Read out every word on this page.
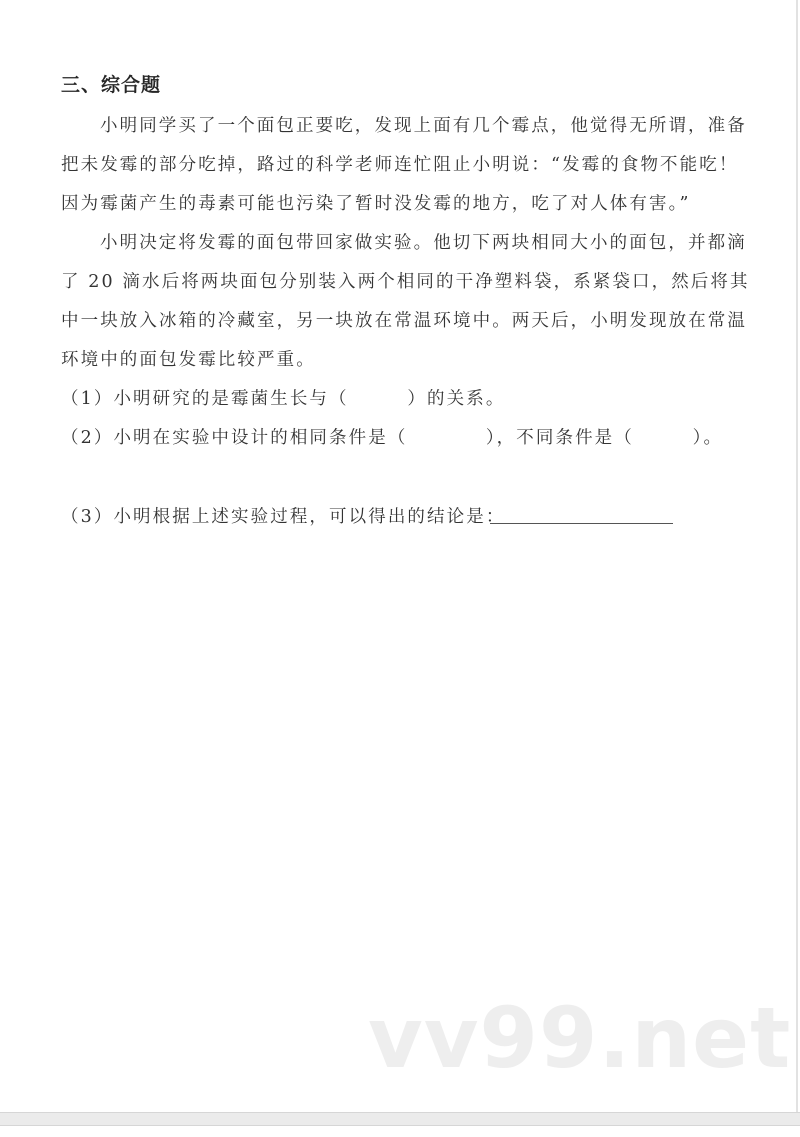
三、综合题
小明同学买了一个面包正要吃，发现上面有几个霉点，他觉得无所谓，准备
把未发霉的部分吃掉，路过的科学老师连忙阻止小明说：“发霉的食物不能吃！
因为霉菌产生的毒素可能也污染了暂时没发霉的地方，吃了对人体有害。”
小明决定将发霉的面包带回家做实验。他切下两块相同大小的面包，并都滴
了 20 滴水后将两块面包分别装入两个相同的干净塑料袋，系紧袋口，然后将其
中一块放入冰箱的冷藏室，另一块放在常温环境中。两天后，小明发现放在常温
环境中的面包发霉比较严重。
（1）小明研究的是霉菌生长与（　　　）的关系。
（2）小明在实验中设计的相同条件是（　　　　），不同条件是（　　　）。
（3）小明根据上述实验过程，可以得出的结论是：
vv99.net
